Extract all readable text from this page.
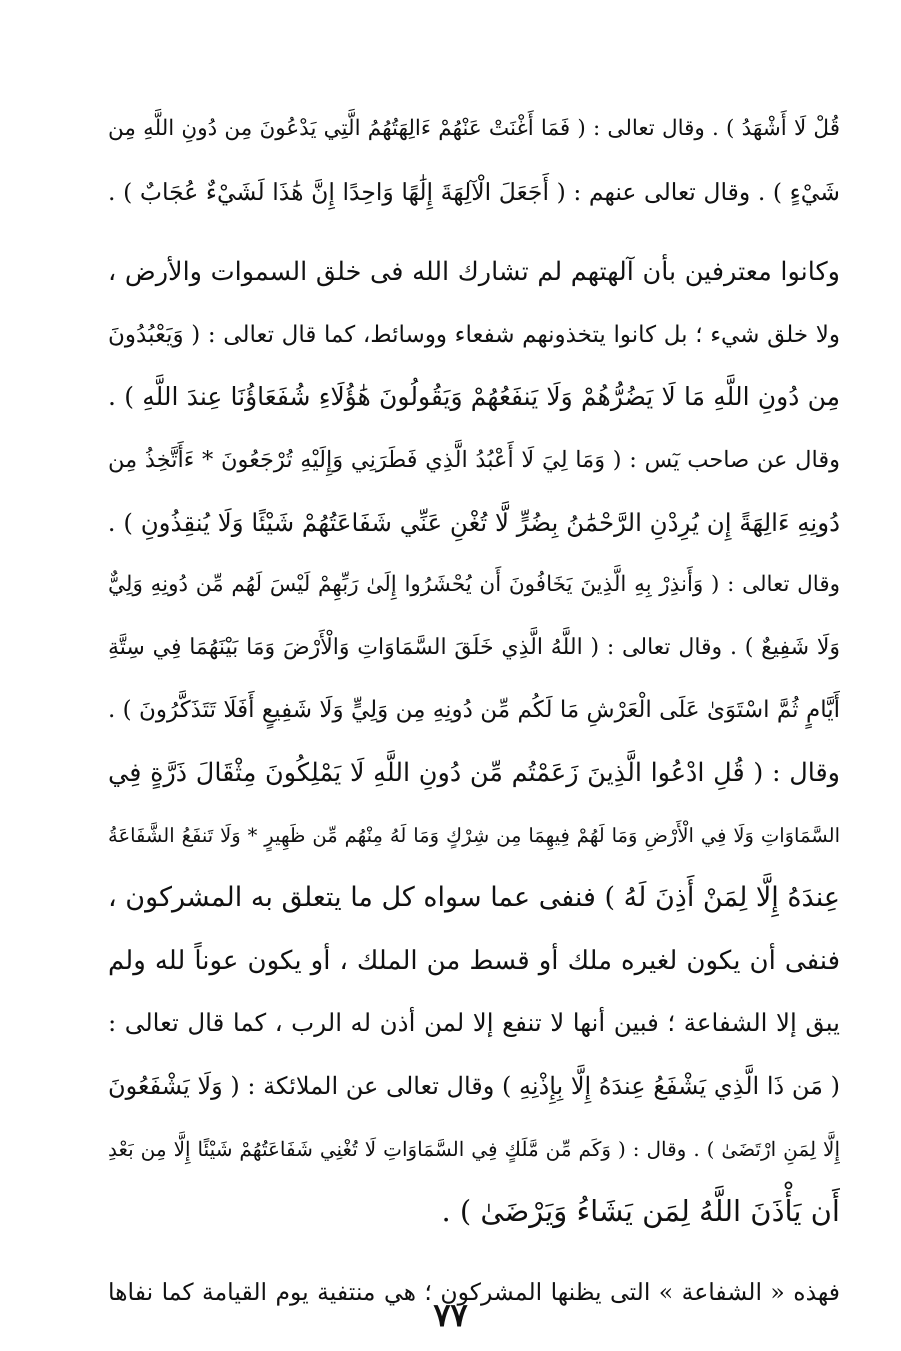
قُلْ لَا أَشْهَدُ ) . وقال تعالى : ( فَمَا أَغْنَتْ عَنْهُمْ ءَالِهَتُهُمُ الَّتِي يَدْعُونَ مِن دُونِ اللَّهِ مِن
شَيْءٍ ) . وقال تعالى عنهم : ( أَجَعَلَ الْآلِهَةَ إِلَٰهًا وَاحِدًا إِنَّ هَٰذَا لَشَيْءٌ عُجَابٌ ) .
وكانوا معترفين بأن آلهتهم لم تشارك الله فى خلق السموات والأرض ،
ولا خلق شيء ؛ بل كانوا يتخذونهم شفعاء ووسائط، كما قال تعالى : ( وَيَعْبُدُونَ
مِن دُونِ اللَّهِ مَا لَا يَضُرُّهُمْ وَلَا يَنفَعُهُمْ وَيَقُولُونَ هَٰؤُلَاءِ شُفَعَاؤُنَا عِندَ اللَّهِ ) .
وقال عن صاحب يٓس : ( وَمَا لِيَ لَا أَعْبُدُ الَّذِي فَطَرَنِي وَإِلَيْهِ تُرْجَعُونَ * ءَأَتَّخِذُ مِن
دُونِهِ ءَالِهَةً إِن يُرِدْنِ الرَّحْمَٰنُ بِضُرٍّ لَّا تُغْنِ عَنِّي شَفَاعَتُهُمْ شَيْئًا وَلَا يُنقِذُونِ ) .
وقال تعالى : ( وَأَنذِرْ بِهِ الَّذِينَ يَخَافُونَ أَن يُحْشَرُوا إِلَىٰ رَبِّهِمْ لَيْسَ لَهُم مِّن دُونِهِ وَلِيٌّ
وَلَا شَفِيعٌ ) . وقال تعالى : ( اللَّهُ الَّذِي خَلَقَ السَّمَاوَاتِ وَالْأَرْضَ وَمَا بَيْنَهُمَا فِي سِتَّةِ
أَيَّامٍ ثُمَّ اسْتَوَىٰ عَلَى الْعَرْشِ مَا لَكُم مِّن دُونِهِ مِن وَلِيٍّ وَلَا شَفِيعٍ أَفَلَا تَتَذَكَّرُونَ ) .
وقال : ( قُلِ ادْعُوا الَّذِينَ زَعَمْتُم مِّن دُونِ اللَّهِ لَا يَمْلِكُونَ مِثْقَالَ ذَرَّةٍ فِي
السَّمَاوَاتِ وَلَا فِي الْأَرْضِ وَمَا لَهُمْ فِيهِمَا مِن شِرْكٍ وَمَا لَهُ مِنْهُم مِّن ظَهِيرٍ * وَلَا تَنفَعُ الشَّفَاعَةُ
عِندَهُ إِلَّا لِمَنْ أَذِنَ لَهُ ) فنفى عما سواه كل ما يتعلق به المشركون ،
فنفى أن يكون لغيره ملك أو قسط من الملك ، أو يكون عوناً لله ولم
يبق إلا الشفاعة ؛ فبين أنها لا تنفع إلا لمن أذن له الرب ، كما قال تعالى :
( مَن ذَا الَّذِي يَشْفَعُ عِندَهُ إِلَّا بِإِذْنِهِ ) وقال تعالى عن الملائكة : ( وَلَا يَشْفَعُونَ
إِلَّا لِمَنِ ارْتَضَىٰ ) . وقال : ( وَكَم مِّن مَّلَكٍ فِي السَّمَاوَاتِ لَا تُغْنِي شَفَاعَتُهُمْ شَيْئًا إِلَّا مِن بَعْدِ
أَن يَأْذَنَ اللَّهُ لِمَن يَشَاءُ وَيَرْضَىٰ ) .
فهذه « الشفاعة » التى يظنها المشركون ؛ هي منتفية يوم القيامة كما نفاها
٧٧
